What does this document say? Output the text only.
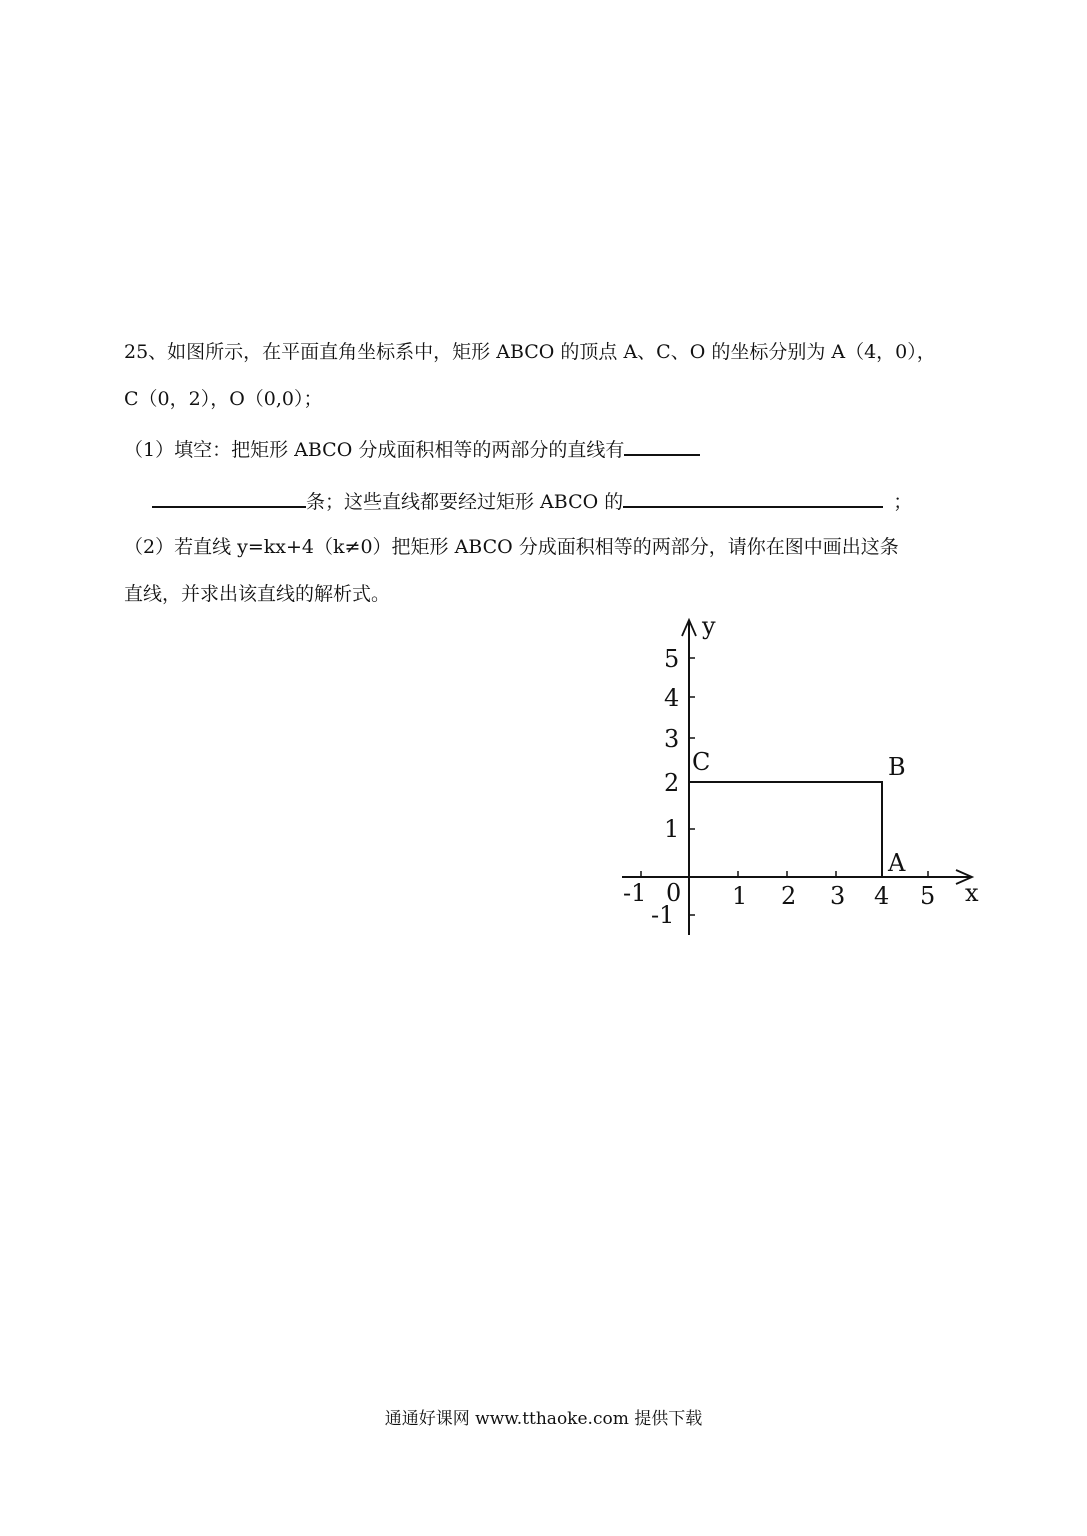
25、如图所示，在平面直角坐标系中，矩形 ABCO 的顶点 A、C、O 的坐标分别为 A（4，0），
C（0，2），O（0,0）；
（1）填空：把矩形 ABCO 分成面积相等的两部分的直线有
条；这些直线都要经过矩形 ABCO 的	；
（2）若直线 y=kx+4（k≠0）把矩形 ABCO 分成面积相等的两部分，请你在图中画出这条
直线，并求出该直线的解析式。
y
x
0
-1	1 2 3 4 5
5
4
3
2
1
-1
C	B
A
通通好课网 www.tthaoke.com 提供下载
